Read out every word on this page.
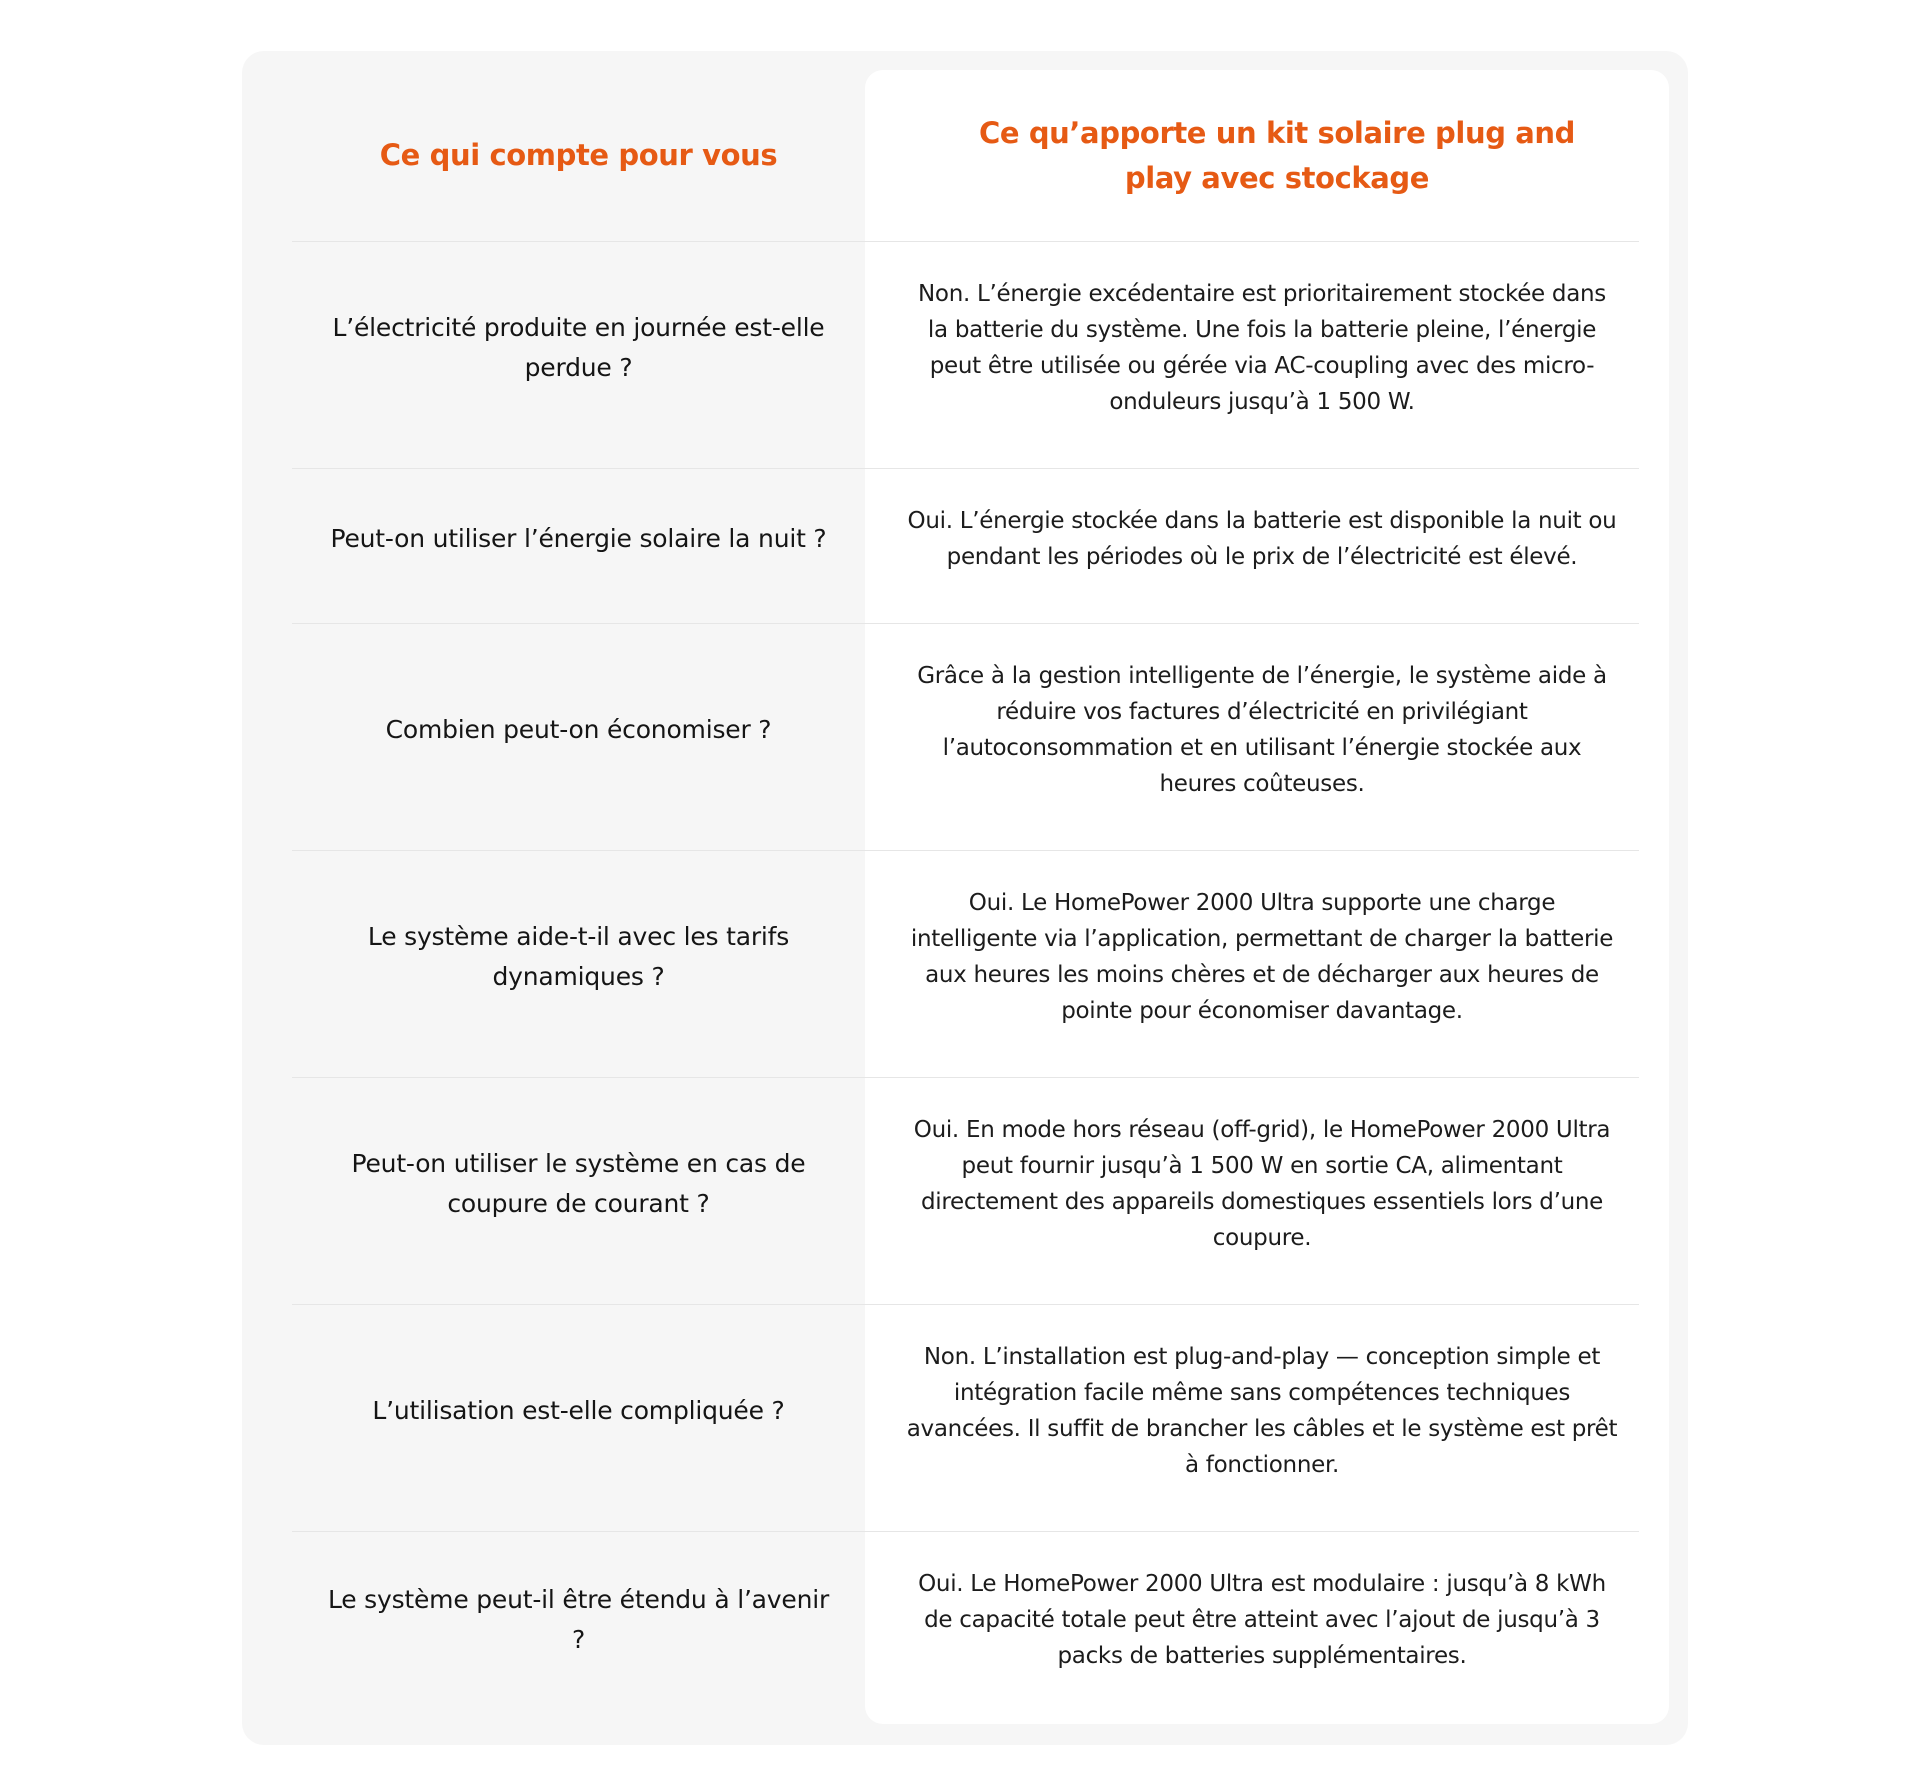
Ce qui compte pour vous
Ce qu’apporte un kit solaire plug and play avec stockage
L’électricité produite en journée est-elle perdue ?
Non. L’énergie excédentaire est prioritairement stockée dans la batterie du système. Une fois la batterie pleine, l’énergie peut être utilisée ou gérée via AC-coupling avec des micro-onduleurs jusqu’à 1 500 W.
Peut-on utiliser l’énergie solaire la nuit ?
Oui. L’énergie stockée dans la batterie est disponible la nuit ou pendant les périodes où le prix de l’électricité est élevé.
Combien peut-on économiser ?
Grâce à la gestion intelligente de l’énergie, le système aide à réduire vos factures d’électricité en privilégiant l’autoconsommation et en utilisant l’énergie stockée aux heures coûteuses.
Le système aide-t-il avec les tarifs dynamiques ?
Oui. Le HomePower 2000 Ultra supporte une charge intelligente via l’application, permettant de charger la batterie aux heures les moins chères et de décharger aux heures de pointe pour économiser davantage.
Peut-on utiliser le système en cas de coupure de courant ?
Oui. En mode hors réseau (off-grid), le HomePower 2000 Ultra peut fournir jusqu’à 1 500 W en sortie CA, alimentant directement des appareils domestiques essentiels lors d’une coupure.
L’utilisation est-elle compliquée ?
Non. L’installation est plug-and-play — conception simple et intégration facile même sans compétences techniques avancées. Il suffit de brancher les câbles et le système est prêt à fonctionner.
Le système peut-il être étendu à l’avenir ?
Oui. Le HomePower 2000 Ultra est modulaire : jusqu’à 8 kWh de capacité totale peut être atteint avec l’ajout de jusqu’à 3 packs de batteries supplémentaires.
